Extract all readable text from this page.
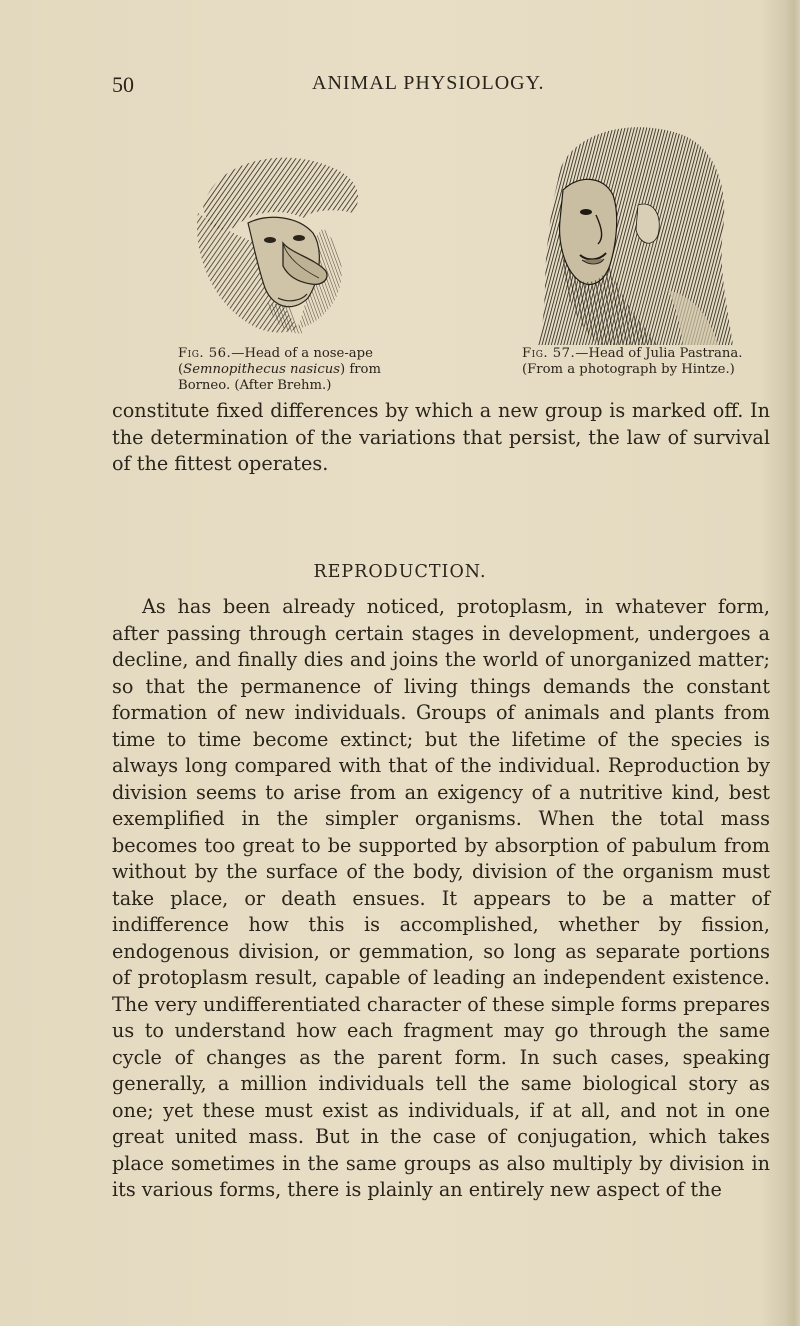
50	ANIMAL PHYSIOLOGY.
Fig. 56.—Head of a nose-ape (Semnopithecus nasicus) from Borneo. (After Brehm.)
Fig. 57.—Head of Julia Pastrana. (From a photograph by Hintze.)

constitute fixed differences by which a new group is marked off. In the determination of the variations that persist, the law of survival of the fittest operates.

REPRODUCTION.

As has been already noticed, protoplasm, in whatever form, after passing through certain stages in development, undergoes a decline, and finally dies and joins the world of unorganized matter; so that the permanence of living things demands the constant formation of new individuals. Groups of animals and plants from time to time become extinct; but the lifetime of the species is always long compared with that of the individual. Reproduction by division seems to arise from an exigency of a nutritive kind, best exemplified in the simpler organisms. When the total mass becomes too great to be supported by absorption of pabulum from without by the surface of the body, division of the organism must take place, or death ensues. It appears to be a matter of indifference how this is accomplished, whether by fission, endogenous division, or gemmation, so long as separate portions of protoplasm result, capable of leading an independent existence. The very undifferentiated character of these simple forms prepares us to understand how each fragment may go through the same cycle of changes as the parent form. In such cases, speaking generally, a million individuals tell the same biological story as one; yet these must exist as individuals, if at all, and not in one great united mass. But in the case of conjugation, which takes place sometimes in the same groups as also multiply by division in its various forms, there is plainly an entirely new aspect of the
